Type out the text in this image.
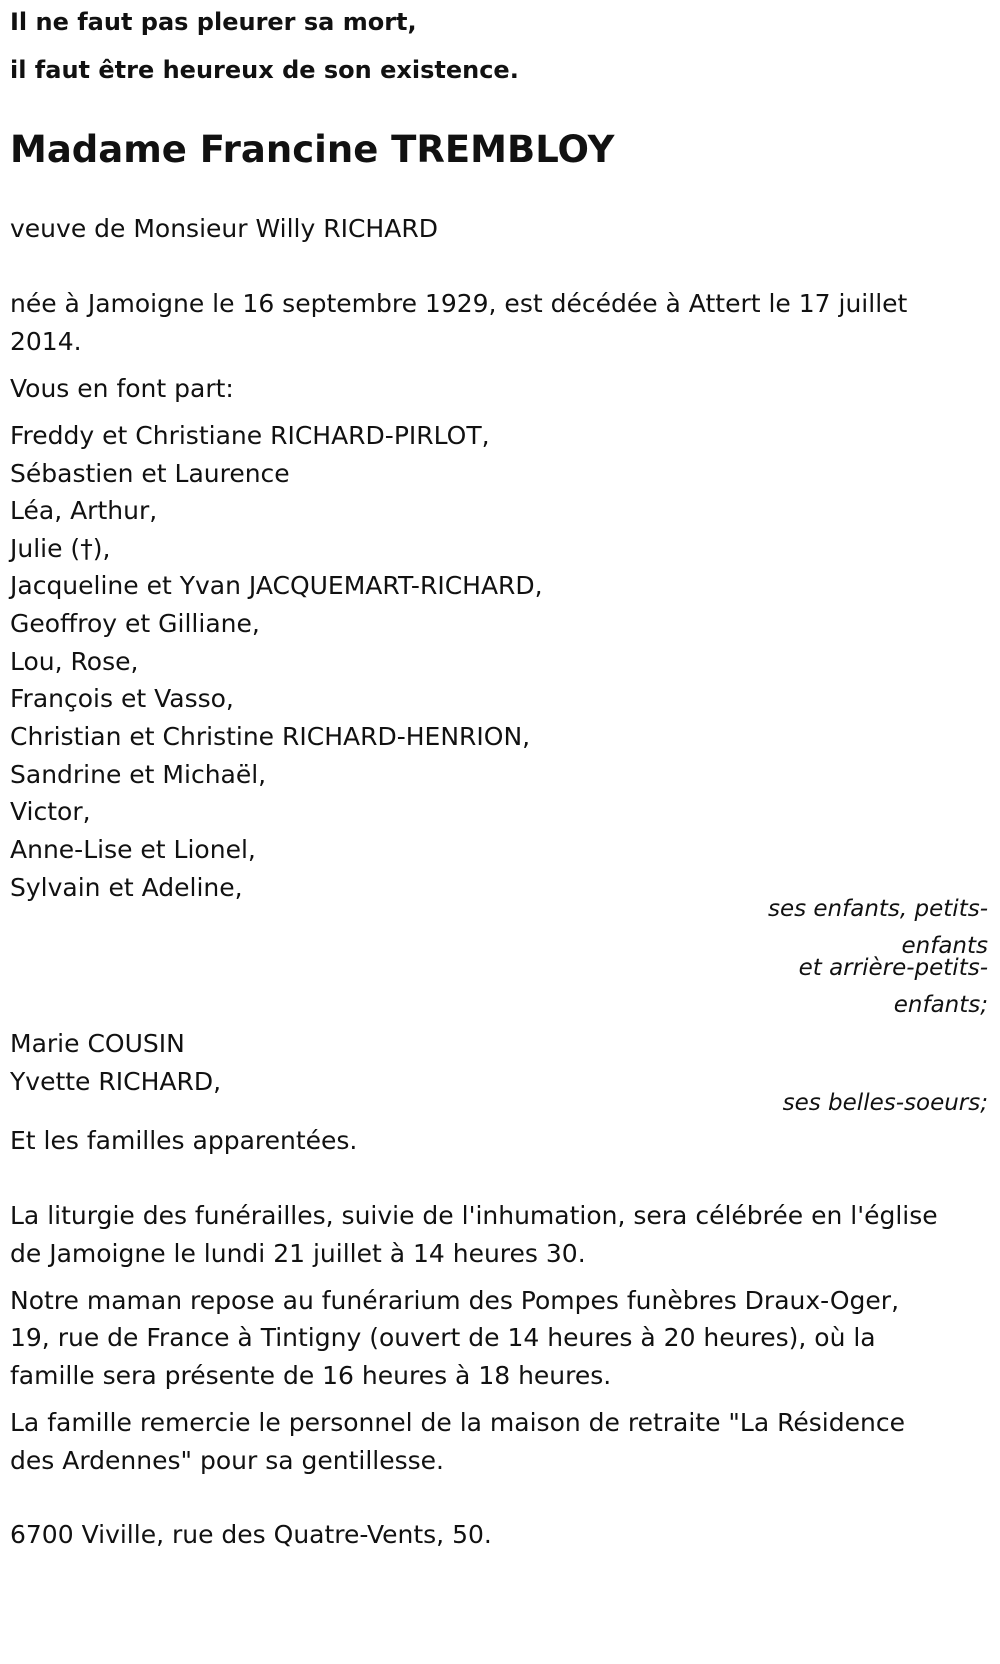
Il ne faut pas pleurer sa mort,
il faut être heureux de son existence.
Madame Francine TREMBLOY
veuve de Monsieur Willy RICHARD
née à Jamoigne le 16 septembre 1929, est décédée à Attert le 17 juillet
2014.
Vous en font part:
Freddy et Christiane RICHARD-PIRLOT,
Sébastien et Laurence
Léa, Arthur,
Julie (†),
Jacqueline et Yvan JACQUEMART-RICHARD,
Geoffroy et Gilliane,
Lou, Rose,
François et Vasso,
Christian et Christine RICHARD-HENRION,
Sandrine et Michaël,
Victor,
Anne-Lise et Lionel,
Sylvain et Adeline,
ses enfants, petits-
enfants
et arrière-petits-
enfants;
Marie COUSIN
Yvette RICHARD,
ses belles-soeurs;
Et les familles apparentées.
La liturgie des funérailles, suivie de l'inhumation, sera célébrée en l'église
de Jamoigne le lundi 21 juillet à 14 heures 30.
Notre maman repose au funérarium des Pompes funèbres Draux-Oger,
19, rue de France à Tintigny (ouvert de 14 heures à 20 heures), où la
famille sera présente de 16 heures à 18 heures.
La famille remercie le personnel de la maison de retraite "La Résidence
des Ardennes" pour sa gentillesse.
6700 Viville, rue des Quatre-Vents, 50.
